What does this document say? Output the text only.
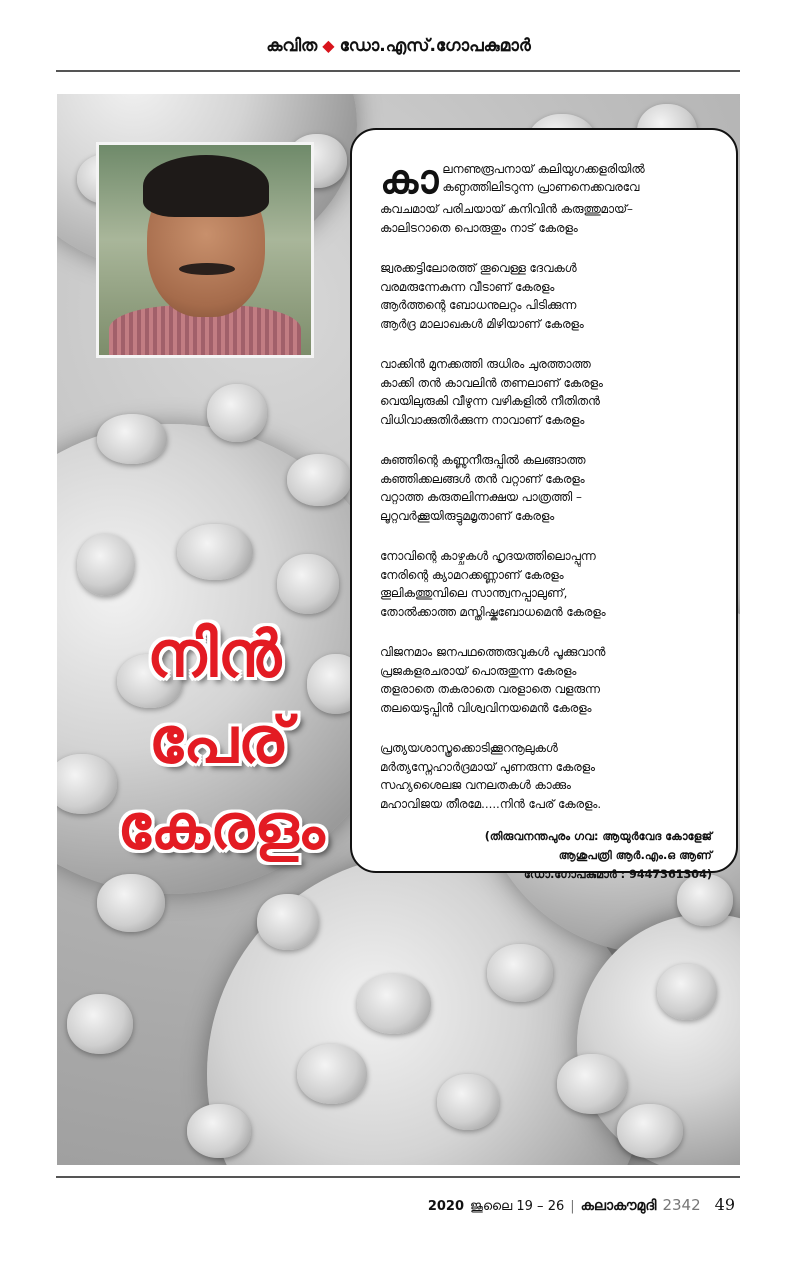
കവിത ◆ ഡോ.എസ്.ഗോപകുമാർ
നിൻ
പേര്
കേരളം
കാ ലനണുരൂപനായ് കലിയുഗക്കളരിയിൽ
കണ്ഠത്തിലിടറുന്ന പ്രാണനെക്കവരവേ
കവചമായ് പരിചയായ് കനിവിൻ കരുത്തുമായ്–
കാലിടറാതെ പൊരുതും നാട് കേരളം
ജ്വരക്കട്ടിലോരത്ത് തൂവെള്ള ദേവകൾ
വരമരുന്നേകുന്ന വീടാണ് കേരളം
ആർത്തന്റെ ബോധനുലറ്റം പിടിക്കുന്ന
ആർദ്ര മാലാഖകൾ മിഴിയാണ് കേരളം
വാക്കിൻ മുനക്കത്തി രുധിരം ചുരത്താത്ത
കാക്കി തൻ കാവലിൻ തണലാണ് കേരളം
വെയിലുരുകി വീഴുന്ന വഴികളിൽ നീതിതൻ
വിധിവാക്കുതിർക്കുന്ന നാവാണ് കേരളം
കുഞ്ഞിന്റെ കണ്ണുനീരുപ്പിൽ കലങ്ങാത്ത
കഞ്ഞിക്കലങ്ങൾ തൻ വറ്റാണ് കേരളം
വറ്റാത്ത കരുതലിന്നക്ഷയ പാത്രത്തി –
ലൂറ്റവർക്കൂയിരുട്ടുമമൃതാണ് കേരളം
നോവിന്റെ കാഴ്ചകൾ ഹൃദയത്തിലൊപ്പുന്ന
നേരിന്റെ ക്യാമറക്കണ്ണാണ് കേരളം
തൂലികത്തുമ്പിലെ സാന്ത്വനപ്പാലുണ്,
തോൽക്കാത്ത മസ്തിഷ്കബോധമെൻ കേരളം
വിജനമാം ജനപഥത്തെരുവുകൾ പൂക്കുവാൻ
പ്രജകളരചരായ് പൊരുതുന്ന കേരളം
തളരാതെ തകരാതെ വരളാതെ വളരുന്ന
തലയെടുപ്പിൻ വിശ്വവിനയമെൻ കേരളം
പ്രത്യയശാസ്ത്രക്കൊടിക്കൂറനൂലുകൾ
മർത്യസ്നേഹാർദ്രമായ് പുണരുന്ന കേരളം
സഹ്യശൈലജ വനലതകൾ കാക്കും
മഹാവിജയ തീരമേ.....നിൻ പേര് കേരളം.
(തിരുവനന്തപുരം ഗവ: ആയുർവേദ കോളേജ്
ആശുപത്രി ആർ.എം.ഒ ആണ്
ഡോ.ഗോപകുമാർ : 9447361304)
2020 ജൂലൈ 19 – 26 | കലാകൗമുദി 2342 49
